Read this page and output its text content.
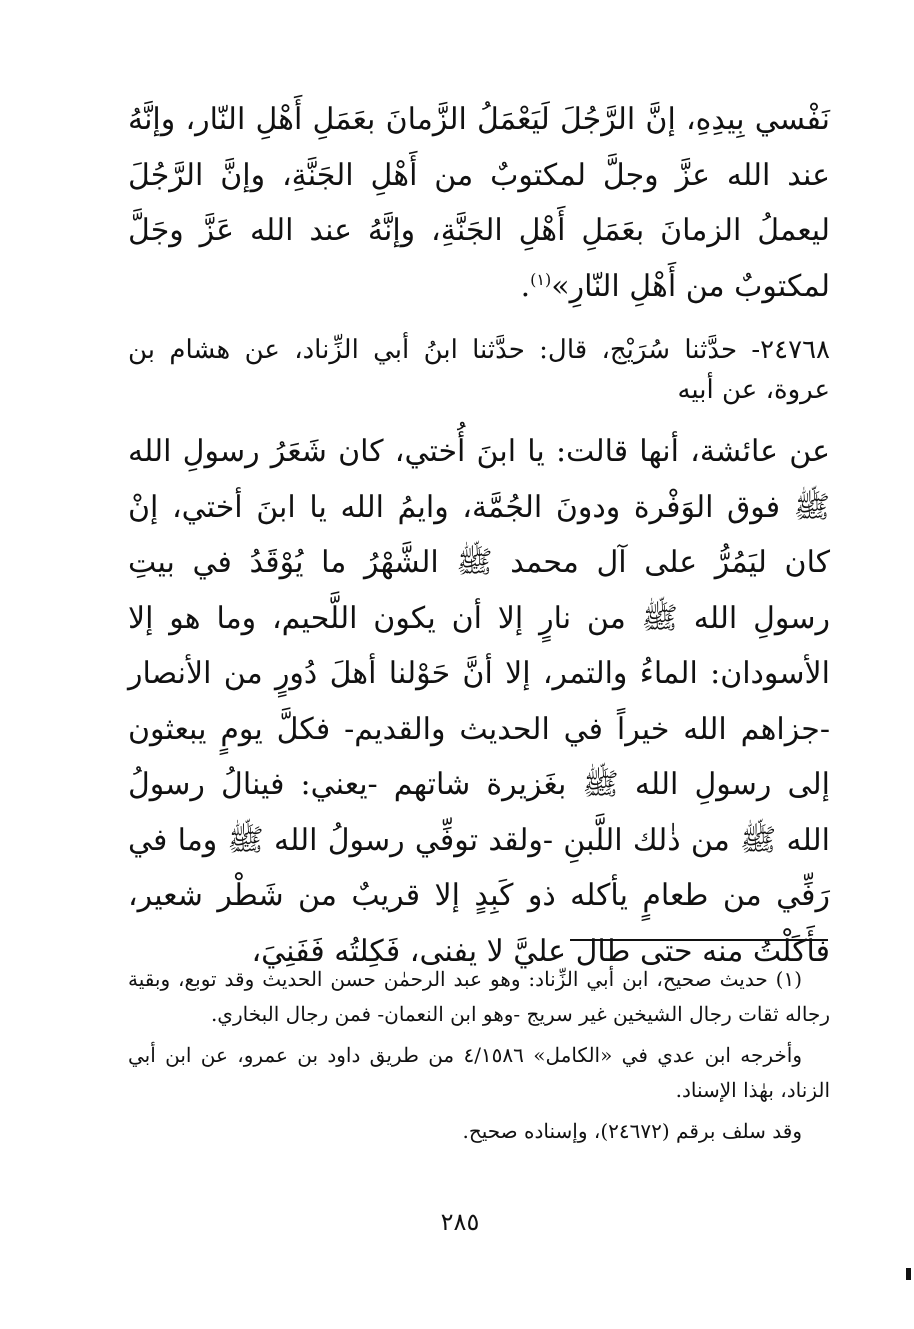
نَفْسي بِيدِهِ، إنَّ الرَّجُلَ لَيَعْمَلُ الزَّمانَ بعَمَلِ أَهْلِ النّار، وإنَّهُ عند الله عزَّ وجلَّ لمكتوبٌ من أَهْلِ الجَنَّةِ، وإنَّ الرَّجُلَ ليعملُ الزمانَ بعَمَلِ أَهْلِ الجَنَّةِ، وإنَّهُ عند الله عَزَّ وجَلَّ لمكتوبٌ من أَهْلِ النّارِ»$^{(١)}$.

٢٤٧٦٨- حدَّثنا سُرَيْج، قال: حدَّثنا ابنُ أبي الزِّناد، عن هشام بن عروة، عن أبيه

عن عائشة، أنها قالت: يا ابنَ أُختي، كان شَعَرُ رسولِ الله ﷺ فوق الوَفْرة ودونَ الجُمَّة، وايمُ الله يا ابنَ أختي، إنْ كان ليَمُرُّ على آل محمد ﷺ الشَّهْرُ ما يُوْقَدُ في بيتِ رسولِ الله ﷺ من نارٍ إلا أن يكون اللَّحيم، وما هو إلا الأسودان: الماءُ والتمر، إلا أنَّ حَوْلنا أهلَ دُورٍ من الأنصار -جزاهم الله خيراً في الحديث والقديم- فكلَّ يومٍ يبعثون إلى رسولِ الله ﷺ بغَزيرة شاتهم -يعني: فينالُ رسولُ الله ﷺ من ذٰلك اللَّبنِ -ولقد توفِّي رسولُ الله ﷺ وما في رَفِّي من طعامٍ يأكله ذو كَبِدٍ إلا قريبٌ من شَطْر شعير، فأَكَلْتُ منه حتى طال عليَّ لا يفنى، فَكِلتُه فَفَنِيَ،

(١) حديث صحيح، ابن أبي الزِّناد: وهو عبد الرحمٰن حسن الحديث وقد توبع، وبقية رجاله ثقات رجال الشيخين غير سريج -وهو ابن النعمان- فمن رجال البخاري.

وأخرجه ابن عدي في «الكامل» ٤/١٥٨٦ من طريق داود بن عمرو، عن ابن أبي الزناد، بهٰذا الإسناد.

وقد سلف برقم (٢٤٦٧٢)، وإسناده صحيح.

٢٨٥
